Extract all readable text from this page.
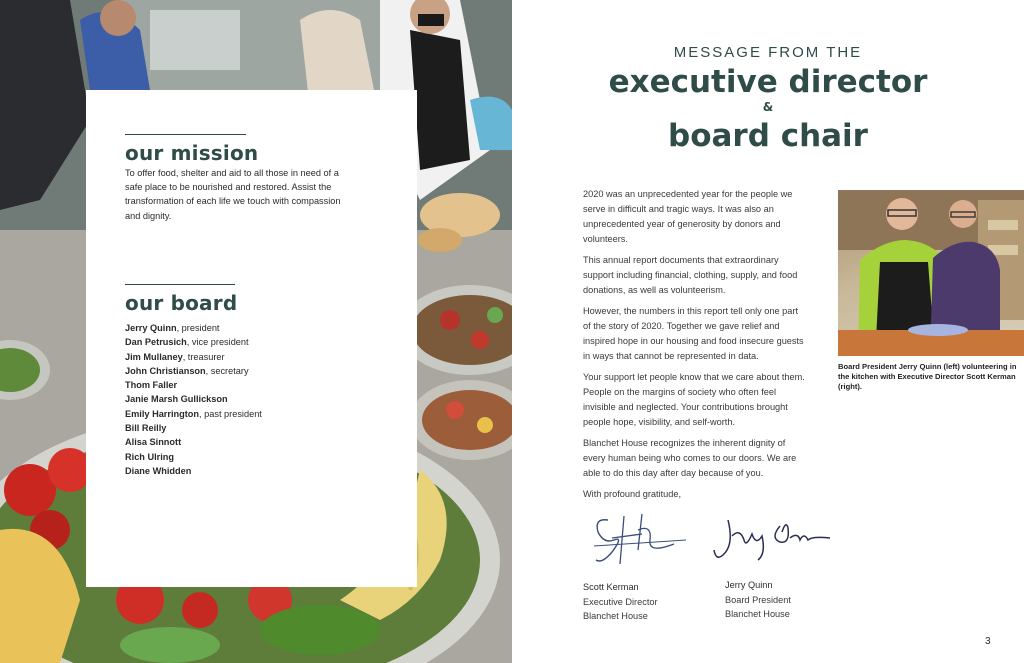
our mission

To offer food, shelter and aid to all those in need of a safe place to be nourished and restored. Assist the transformation of each life we touch with compassion and dignity.

our board
Jerry Quinn, president
Dan Petrusich, vice president
Jim Mullaney, treasurer
John Christianson, secretary
Thom Faller
Janie Marsh Gullickson
Emily Harrington, past president
Bill Reilly
Alisa Sinnott
Rich Ulring
Diane Whidden
MESSAGE FROM THE
executive director
&
board chair

2020 was an unprecedented year for the people we serve in difficult and tragic ways. It was also an unprecedented year of generosity by donors and volunteers.

This annual report documents that extraordinary support including financial, clothing, supply, and food donations, as well as volunteerism.

However, the numbers in this report tell only one part of the story of 2020. Together we gave relief and inspired hope in our housing and food insecure guests in ways that cannot be represented in data.

Your support let people know that we care about them. People on the margins of society who often feel invisible and neglected. Your contributions brought people hope, visibility, and self-worth.

Blanchet House recognizes the inherent dignity of every human being who comes to our doors. We are able to do this day after day because of you.

With profound gratitude,

Board President Jerry Quinn (left) volunteering in the kitchen with Executive Director Scott Kerman (right).

Scott Kerman
Executive Director
Blanchet House
Jerry Quinn
Board President
Blanchet House
3
